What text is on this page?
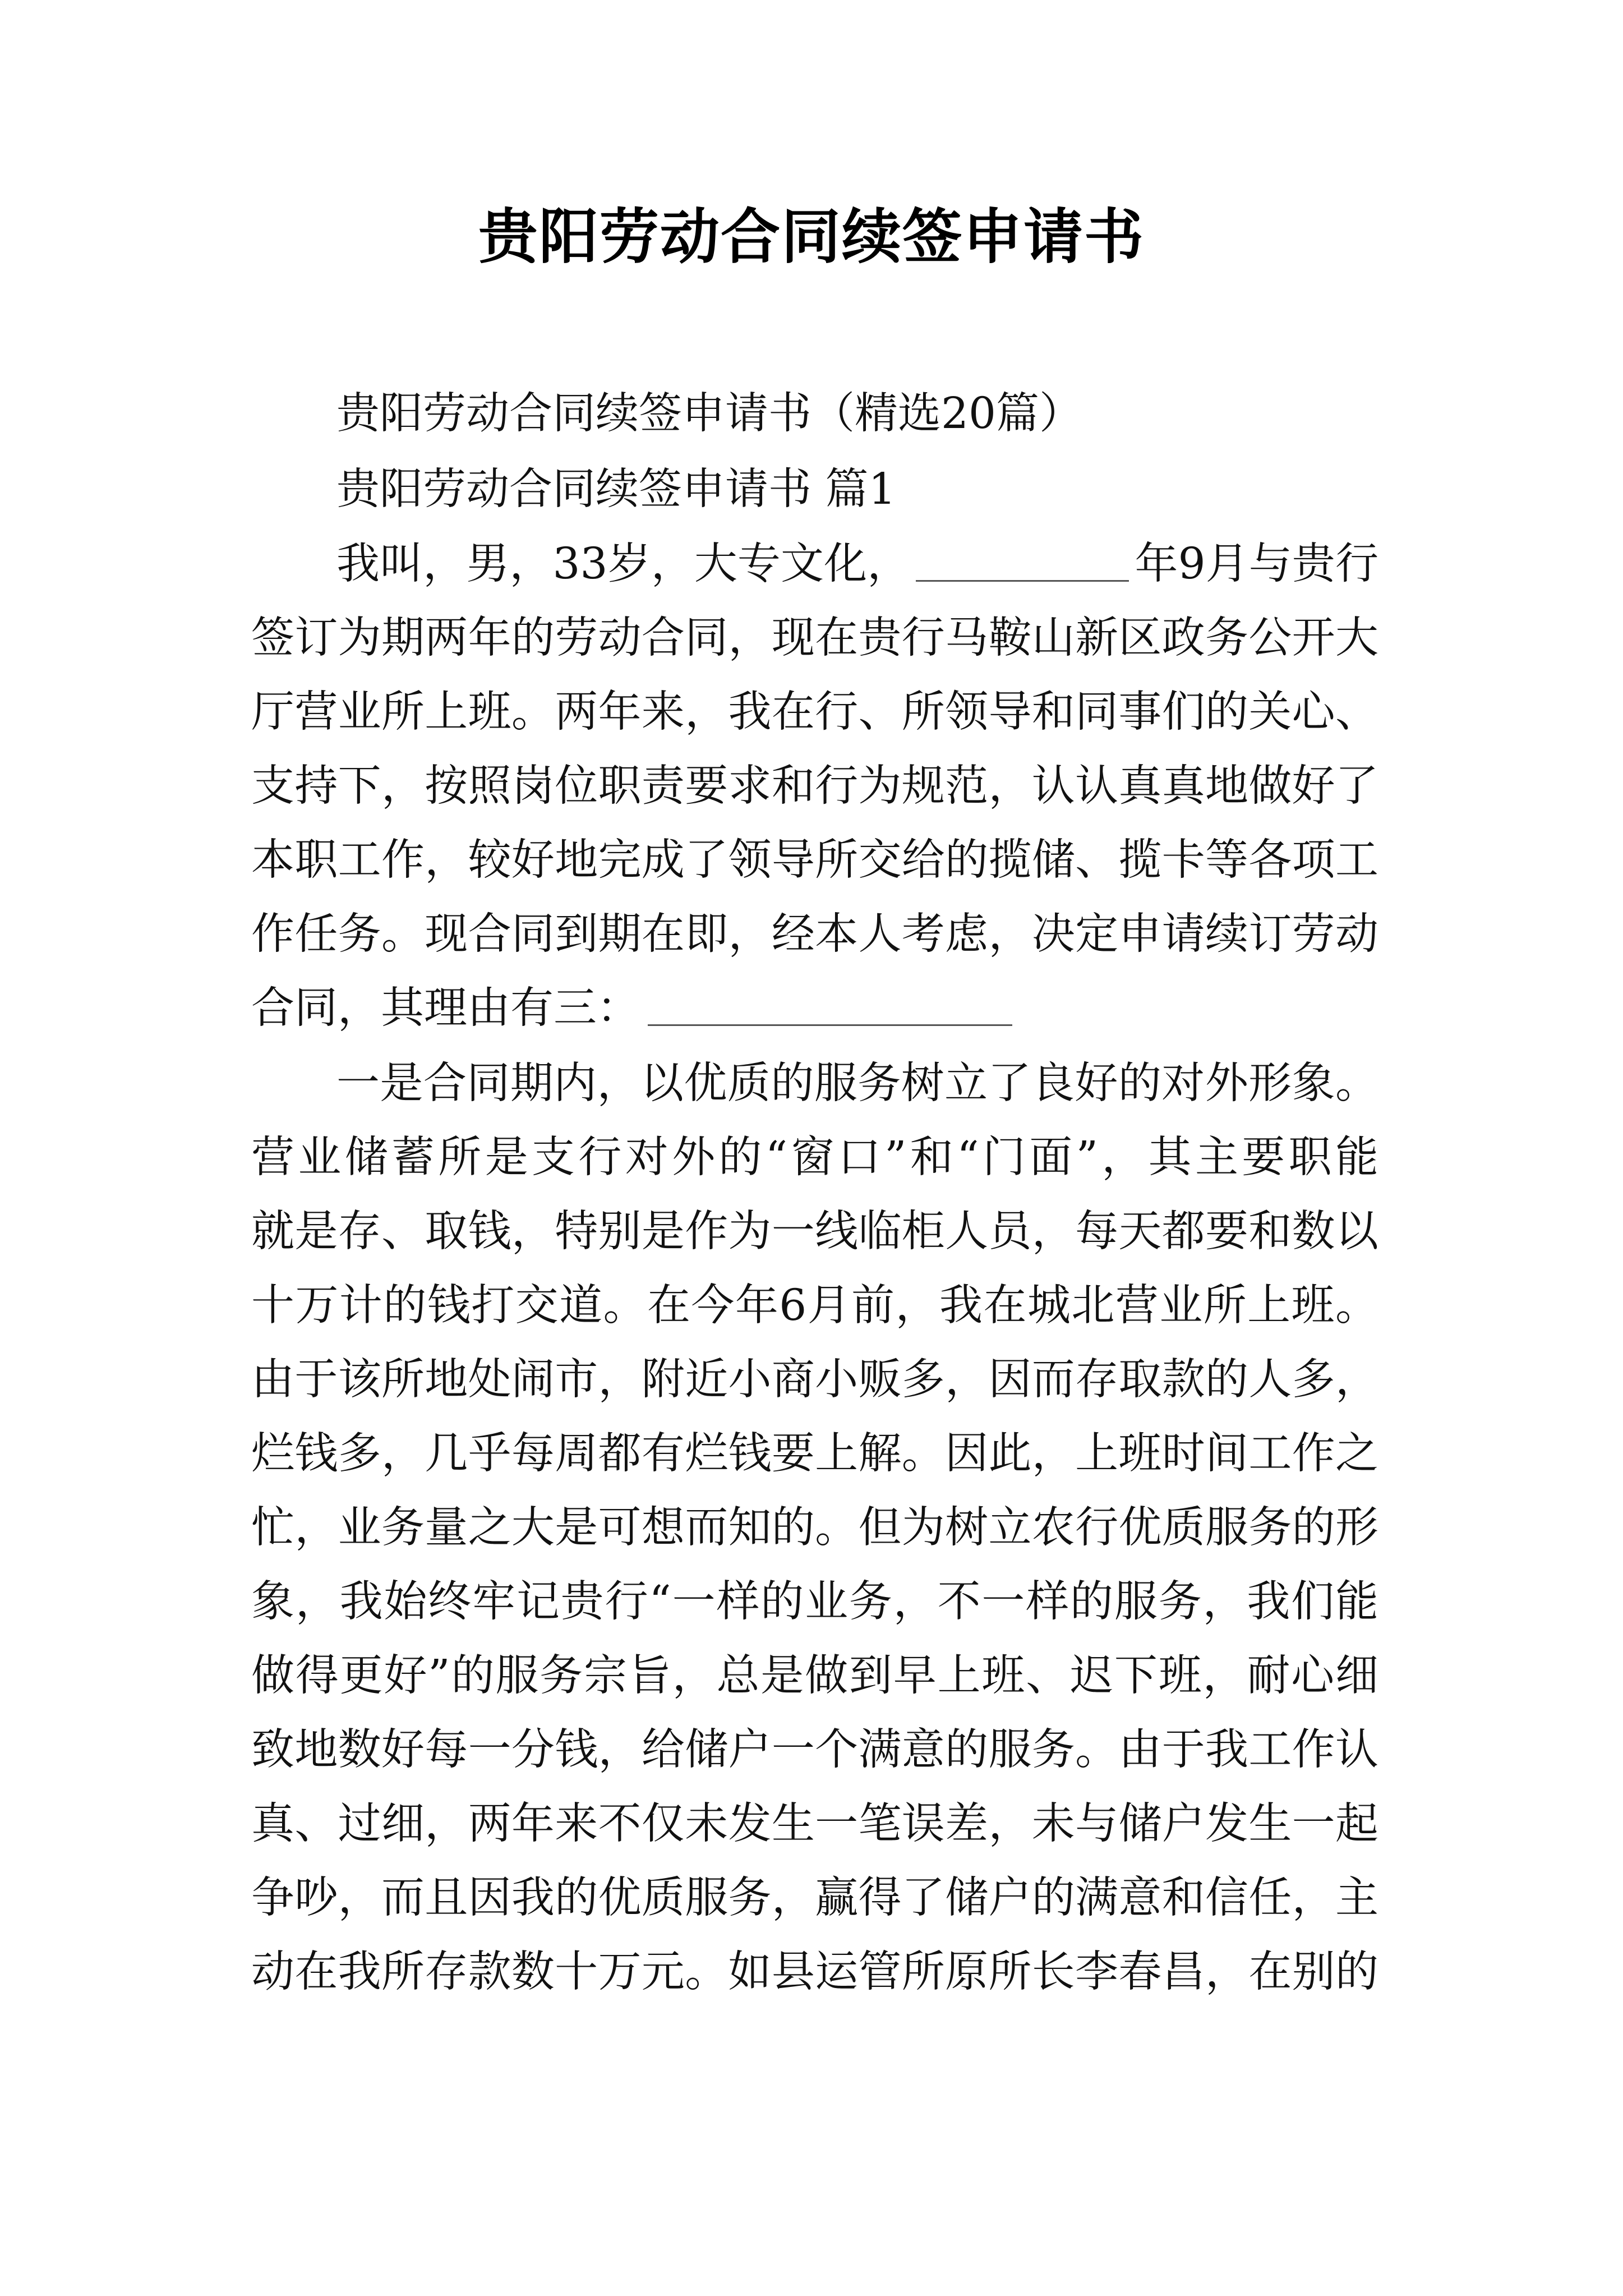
贵阳劳动合同续签申请书
贵阳劳动合同续签申请书（精选20篇）
贵阳劳动合同续签申请书 篇1
我叫，男，33岁，大专文化，	年9月与贵行
签订为期两年的劳动合同，现在贵行马鞍山新区政务公开大
厅营业所上班。两年来，我在行、所领导和同事们的关心、
支持下，按照岗位职责要求和行为规范，认认真真地做好了
本职工作，较好地完成了领导所交给的揽储、揽卡等各项工
作任务。现合同到期在即，经本人考虑，决定申请续订劳动
合同，其理由有三：
一是合同期内，以优质的服务树立了良好的对外形象。
营业储蓄所是支行对外的“窗口”和“门面”，其主要职能
就是存、取钱，特别是作为一线临柜人员，每天都要和数以
十万计的钱打交道。在今年6月前，我在城北营业所上班。
由于该所地处闹市，附近小商小贩多，因而存取款的人多，
烂钱多，几乎每周都有烂钱要上解。因此，上班时间工作之
忙，业务量之大是可想而知的。但为树立农行优质服务的形
象，我始终牢记贵行“一样的业务，不一样的服务，我们能
做得更好”的服务宗旨，总是做到早上班、迟下班，耐心细
致地数好每一分钱，给储户一个满意的服务。由于我工作认
真、过细，两年来不仅未发生一笔误差，未与储户发生一起
争吵，而且因我的优质服务，赢得了储户的满意和信任，主
动在我所存款数十万元。如县运管所原所长李春昌，在别的
